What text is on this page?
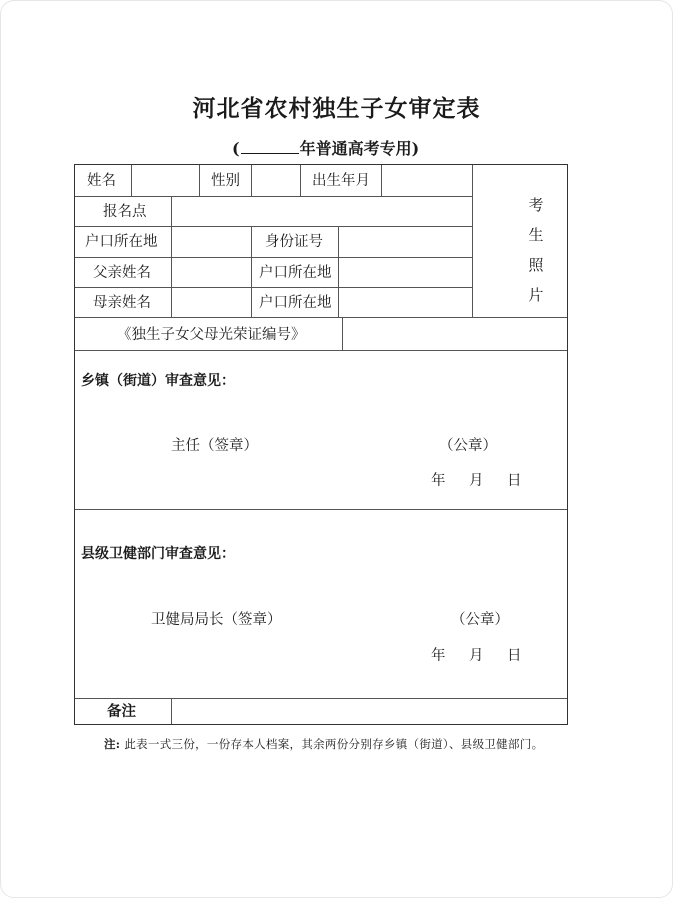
河北省农村独生子女审定表
(	年普通高考专用)
姓名	性别	出生年月
报名点
户口所在地	身份证号
父亲姓名	户口所在地
母亲姓名	户口所在地
考
生
照
片
《独生子女父母光荣证编号》
乡镇（街道）审查意见：
主任（签章）	（公章）
年 月 日
县级卫健部门审查意见：
卫健局局长（签章）	（公章）
年 月 日
备注
注: 此表一式三份，一份存本人档案，其余两份分别存乡镇（街道）、县级卫健部门。
